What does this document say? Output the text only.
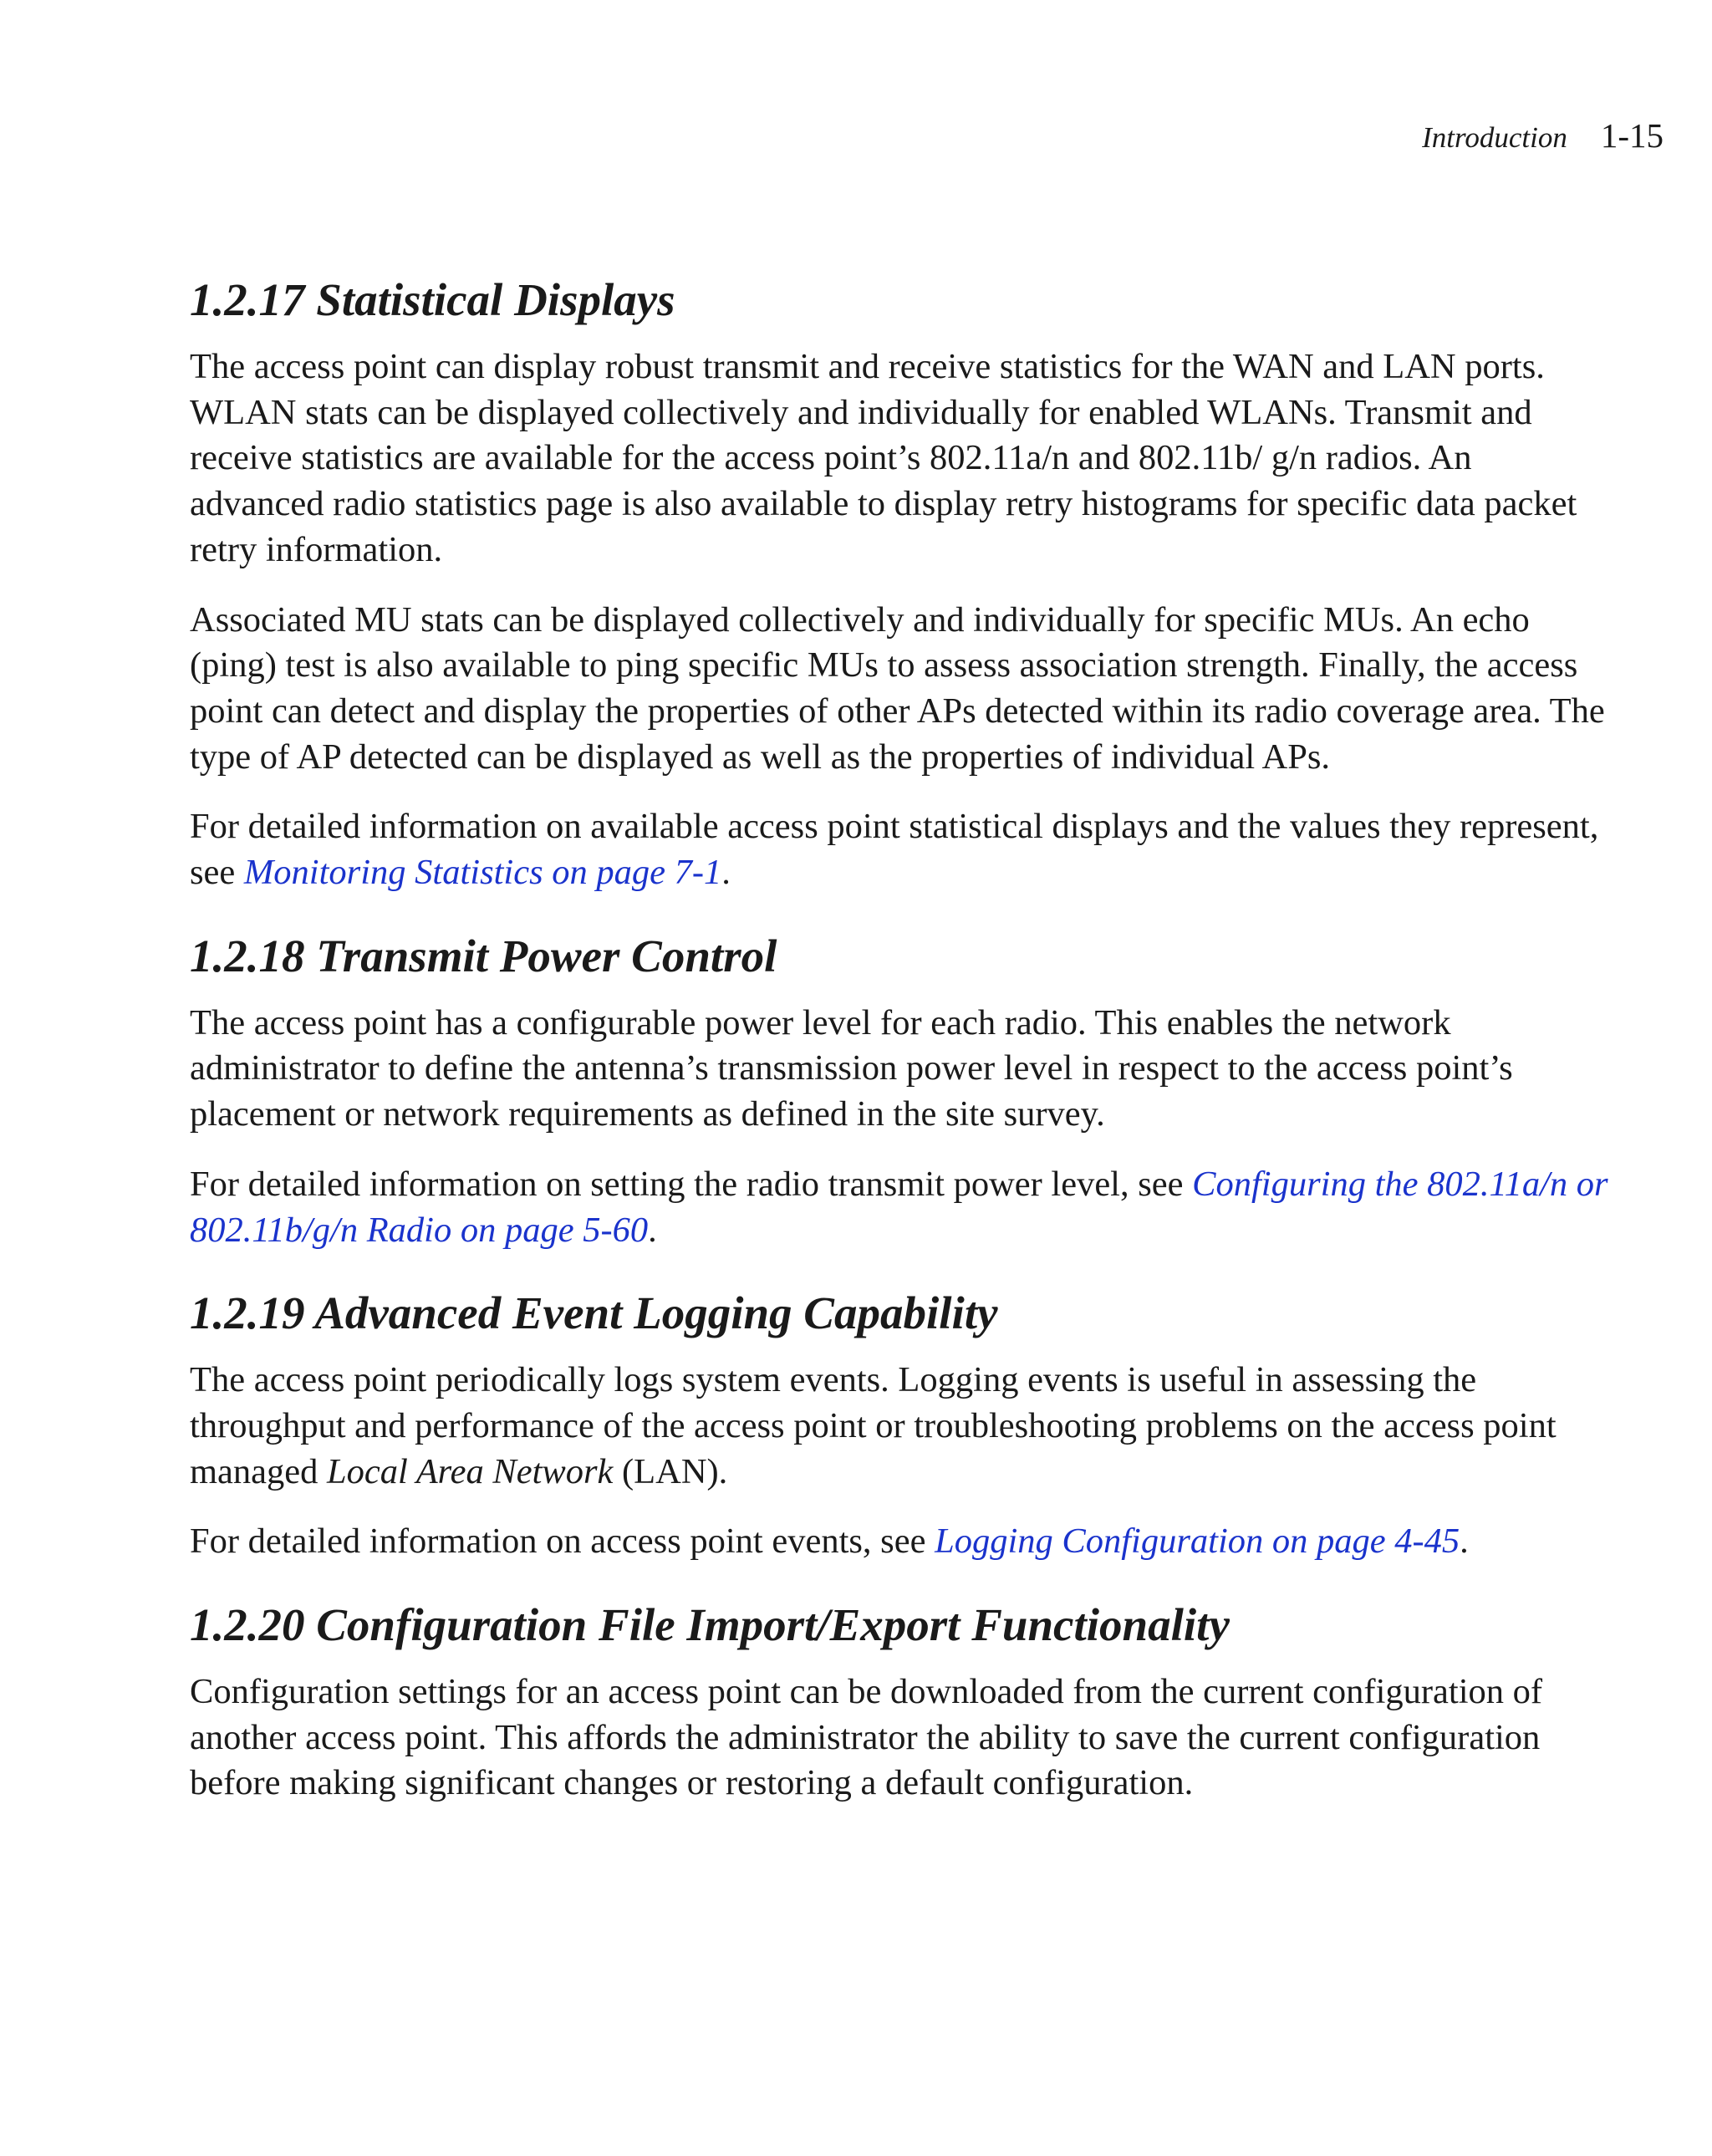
Introduction 1-15
1.2.17 Statistical Displays

The access point can display robust transmit and receive statistics for the WAN and LAN ports. WLAN stats can be displayed collectively and individually for enabled WLANs. Transmit and receive statistics are available for the access point’s 802.11a/n and 802.11b/ g/n radios. An advanced radio statistics page is also available to display retry histograms for specific data packet retry information.

Associated MU stats can be displayed collectively and individually for specific MUs. An echo (ping) test is also available to ping specific MUs to assess association strength. Finally, the access point can detect and display the properties of other APs detected within its radio coverage area. The type of AP detected can be displayed as well as the properties of individual APs.

For detailed information on available access point statistical displays and the values they represent, see Monitoring Statistics on page 7-1.

1.2.18 Transmit Power Control

The access point has a configurable power level for each radio. This enables the network administrator to define the antenna’s transmission power level in respect to the access point’s placement or network requirements as defined in the site survey.

For detailed information on setting the radio transmit power level, see Configuring the 802.11a/n or 802.11b/g/n Radio on page 5-60.

1.2.19 Advanced Event Logging Capability

The access point periodically logs system events. Logging events is useful in assessing the throughput and performance of the access point or troubleshooting problems on the access point managed Local Area Network (LAN).

For detailed information on access point events, see Logging Configuration on page 4-45.

1.2.20 Configuration File Import/Export Functionality

Configuration settings for an access point can be downloaded from the current configuration of another access point. This affords the administrator the ability to save the current configuration before making significant changes or restoring a default configuration.
